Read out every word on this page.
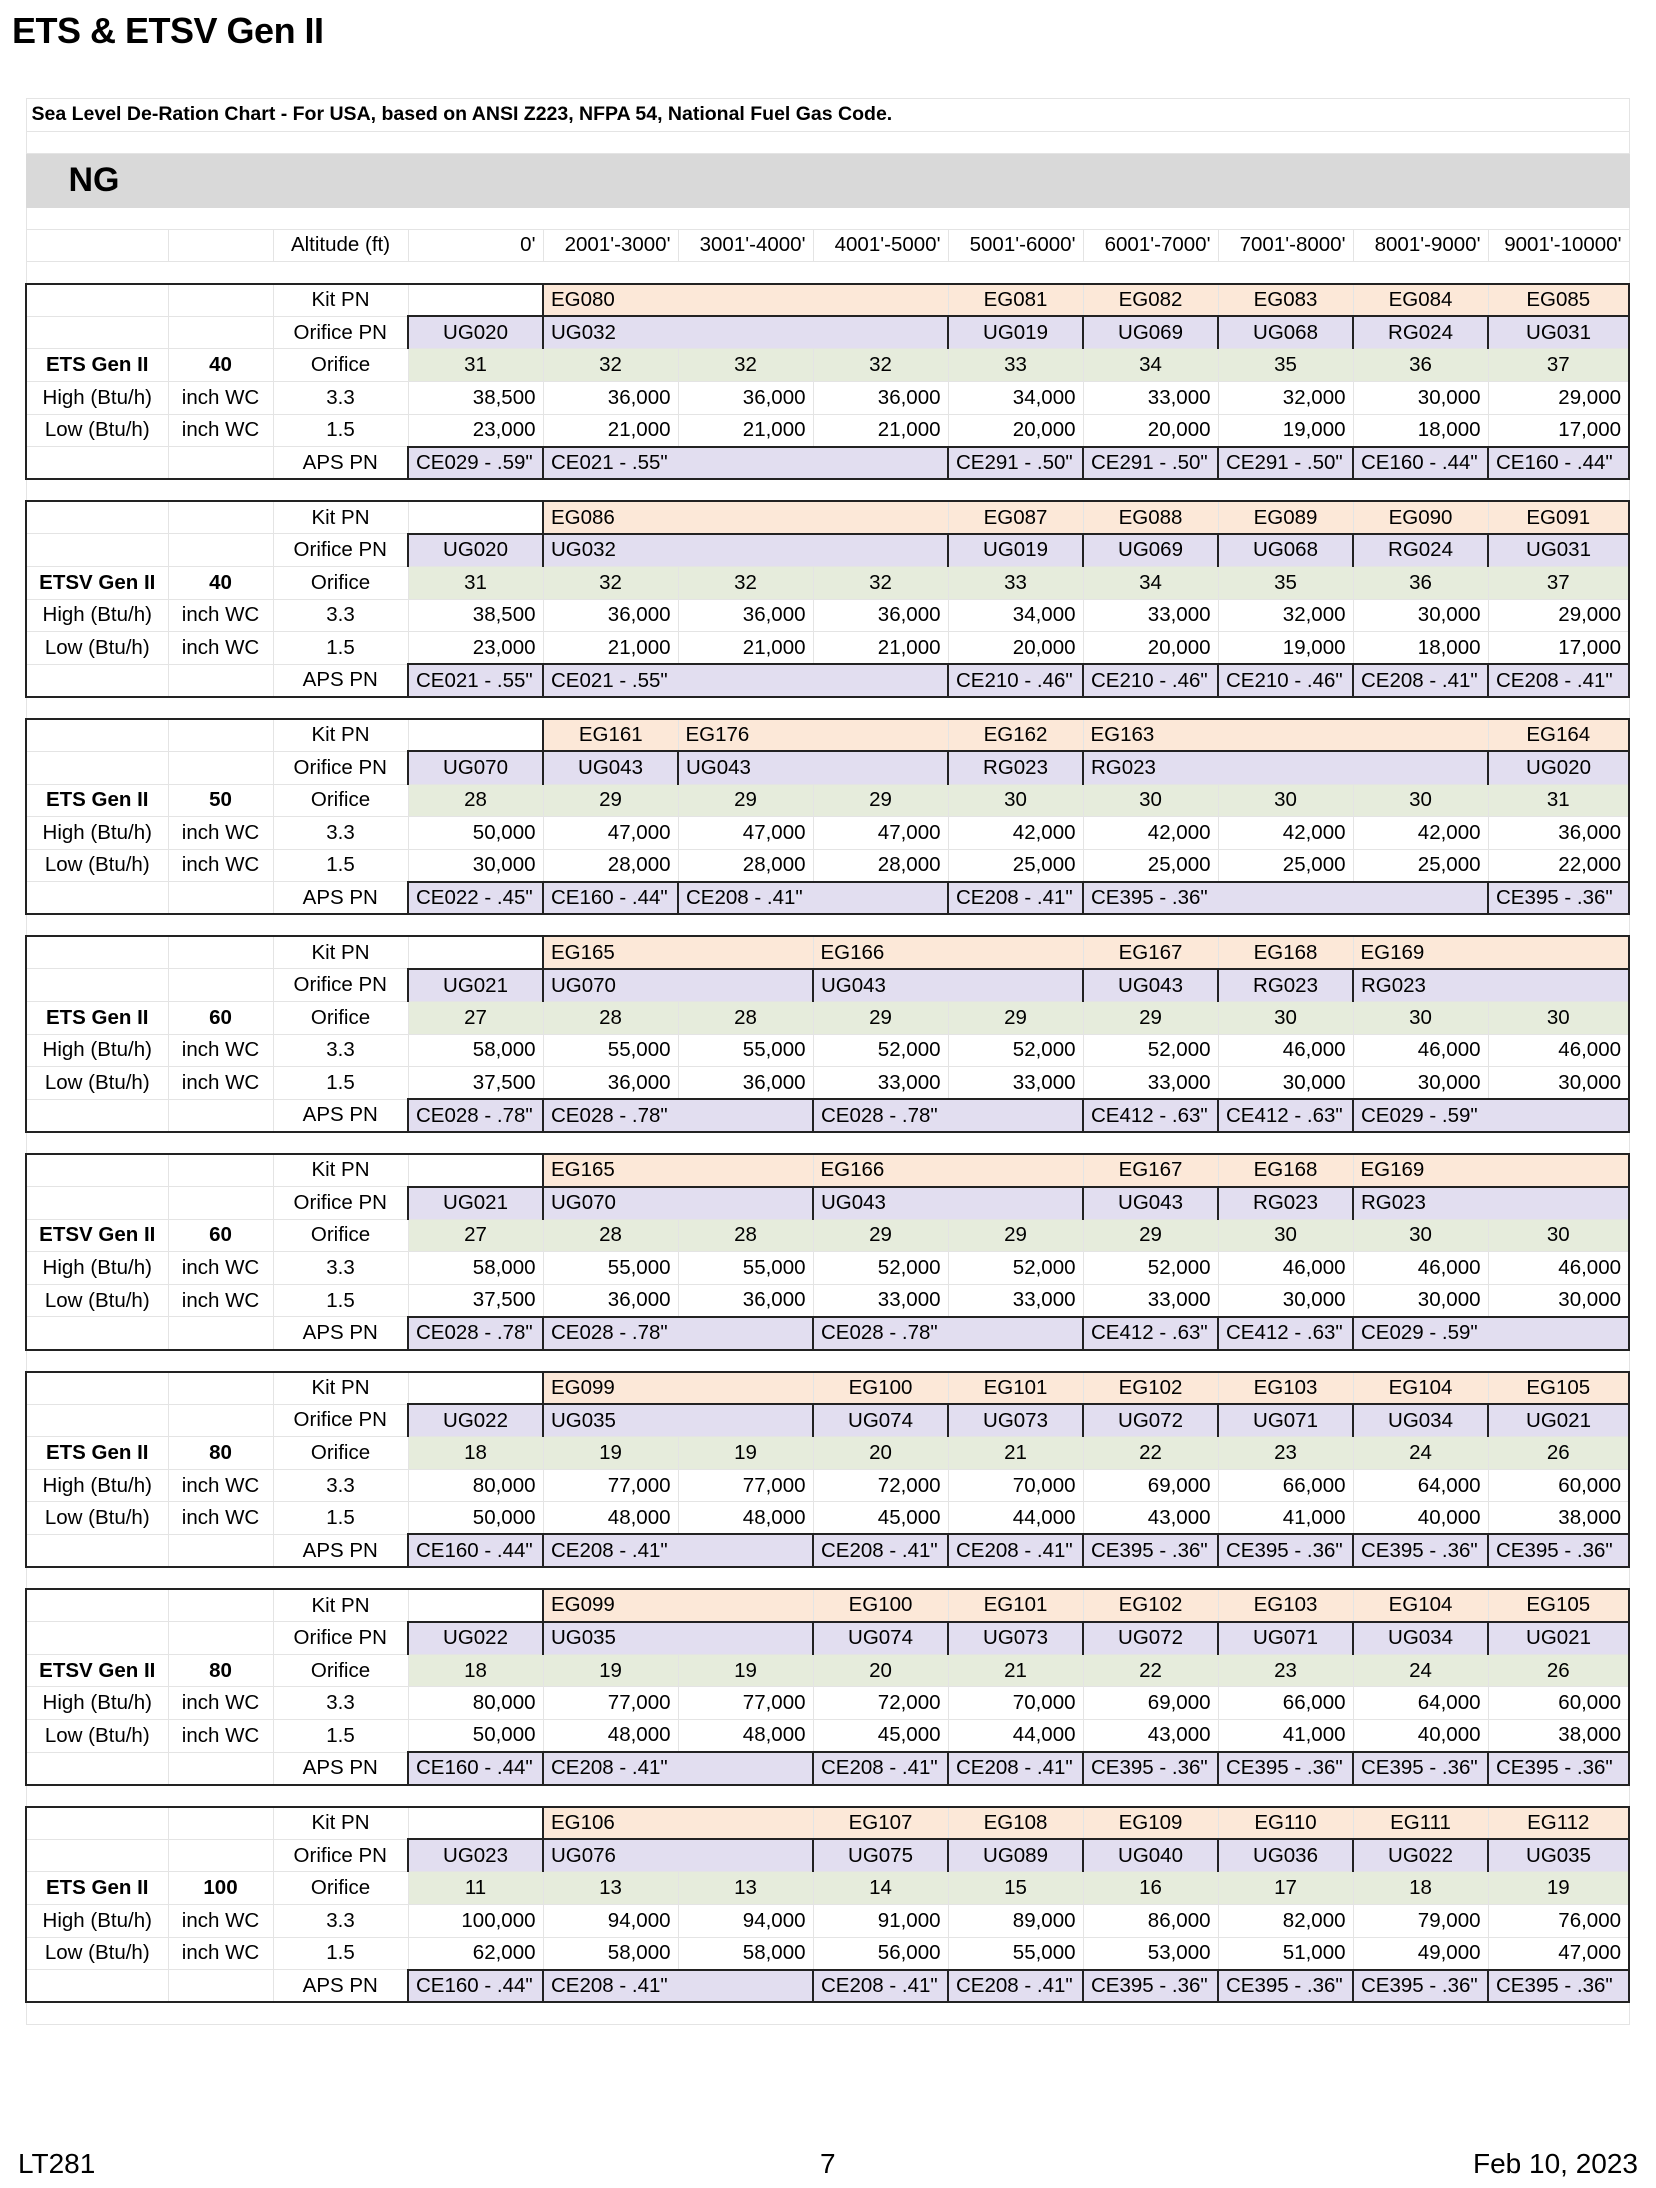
ETS & ETSV Gen II
Sea Level De-Ration Chart - For USA, based on ANSI Z223, NFPA 54, National Fuel Gas Code.											

NG											

		Altitude (ft)	0'	2001'-3000'	3001'-4000'	4001'-5000'	5001'-6000'	6001'-7000'	7001'-8000'	8001'-9000'	9001'-10000'

		Kit PN		EG080			EG081	EG082	EG083	EG084	EG085
		Orifice PN	UG020	UG032			UG019	UG069	UG068	RG024	UG031
ETS Gen II	40	Orifice	31	32	32	32	33	34	35	36	37
High (Btu/h)	inch WC	3.3	38,500	36,000	36,000	36,000	34,000	33,000	32,000	30,000	29,000
Low (Btu/h)	inch WC	1.5	23,000	21,000	21,000	21,000	20,000	20,000	19,000	18,000	17,000
		APS PN	CE029 - .59"	CE021 - .55"			CE291 - .50"	CE291 - .50"	CE291 - .50"	CE160 - .44"	CE160 - .44"

		Kit PN		EG086			EG087	EG088	EG089	EG090	EG091
		Orifice PN	UG020	UG032			UG019	UG069	UG068	RG024	UG031
ETSV Gen II	40	Orifice	31	32	32	32	33	34	35	36	37
High (Btu/h)	inch WC	3.3	38,500	36,000	36,000	36,000	34,000	33,000	32,000	30,000	29,000
Low (Btu/h)	inch WC	1.5	23,000	21,000	21,000	21,000	20,000	20,000	19,000	18,000	17,000
		APS PN	CE021 - .55"	CE021 - .55"			CE210 - .46"	CE210 - .46"	CE210 - .46"	CE208 - .41"	CE208 - .41"

		Kit PN		EG161	EG176		EG162	EG163			EG164
		Orifice PN	UG070	UG043	UG043		RG023	RG023			UG020
ETS Gen II	50	Orifice	28	29	29	29	30	30	30	30	31
High (Btu/h)	inch WC	3.3	50,000	47,000	47,000	47,000	42,000	42,000	42,000	42,000	36,000
Low (Btu/h)	inch WC	1.5	30,000	28,000	28,000	28,000	25,000	25,000	25,000	25,000	22,000
		APS PN	CE022 - .45"	CE160 - .44"	CE208 - .41"		CE208 - .41"	CE395 - .36"			CE395 - .36"

		Kit PN		EG165		EG166		EG167	EG168	EG169	
		Orifice PN	UG021	UG070		UG043		UG043	RG023	RG023	
ETS Gen II	60	Orifice	27	28	28	29	29	29	30	30	30
High (Btu/h)	inch WC	3.3	58,000	55,000	55,000	52,000	52,000	52,000	46,000	46,000	46,000
Low (Btu/h)	inch WC	1.5	37,500	36,000	36,000	33,000	33,000	33,000	30,000	30,000	30,000
		APS PN	CE028 - .78"	CE028 - .78"		CE028 - .78"		CE412 - .63"	CE412 - .63"	CE029 - .59"	

		Kit PN		EG165		EG166		EG167	EG168	EG169	
		Orifice PN	UG021	UG070		UG043		UG043	RG023	RG023	
ETSV Gen II	60	Orifice	27	28	28	29	29	29	30	30	30
High (Btu/h)	inch WC	3.3	58,000	55,000	55,000	52,000	52,000	52,000	46,000	46,000	46,000
Low (Btu/h)	inch WC	1.5	37,500	36,000	36,000	33,000	33,000	33,000	30,000	30,000	30,000
		APS PN	CE028 - .78"	CE028 - .78"		CE028 - .78"		CE412 - .63"	CE412 - .63"	CE029 - .59"	

		Kit PN		EG099		EG100	EG101	EG102	EG103	EG104	EG105
		Orifice PN	UG022	UG035		UG074	UG073	UG072	UG071	UG034	UG021
ETS Gen II	80	Orifice	18	19	19	20	21	22	23	24	26
High (Btu/h)	inch WC	3.3	80,000	77,000	77,000	72,000	70,000	69,000	66,000	64,000	60,000
Low (Btu/h)	inch WC	1.5	50,000	48,000	48,000	45,000	44,000	43,000	41,000	40,000	38,000
		APS PN	CE160 - .44"	CE208 - .41"		CE208 - .41"	CE208 - .41"	CE395 - .36"	CE395 - .36"	CE395 - .36"	CE395 - .36"

		Kit PN		EG099		EG100	EG101	EG102	EG103	EG104	EG105
		Orifice PN	UG022	UG035		UG074	UG073	UG072	UG071	UG034	UG021
ETSV Gen II	80	Orifice	18	19	19	20	21	22	23	24	26
High (Btu/h)	inch WC	3.3	80,000	77,000	77,000	72,000	70,000	69,000	66,000	64,000	60,000
Low (Btu/h)	inch WC	1.5	50,000	48,000	48,000	45,000	44,000	43,000	41,000	40,000	38,000
		APS PN	CE160 - .44"	CE208 - .41"		CE208 - .41"	CE208 - .41"	CE395 - .36"	CE395 - .36"	CE395 - .36"	CE395 - .36"

		Kit PN		EG106		EG107	EG108	EG109	EG110	EG111	EG112
		Orifice PN	UG023	UG076		UG075	UG089	UG040	UG036	UG022	UG035
ETS Gen II	100	Orifice	11	13	13	14	15	16	17	18	19
High (Btu/h)	inch WC	3.3	100,000	94,000	94,000	91,000	89,000	86,000	82,000	79,000	76,000
Low (Btu/h)	inch WC	1.5	62,000	58,000	58,000	56,000	55,000	53,000	51,000	49,000	47,000
		APS PN	CE160 - .44"	CE208 - .41"		CE208 - .41"	CE208 - .41"	CE395 - .36"	CE395 - .36"	CE395 - .36"	CE395 - .36"

LT281	7	Feb 10, 2023
